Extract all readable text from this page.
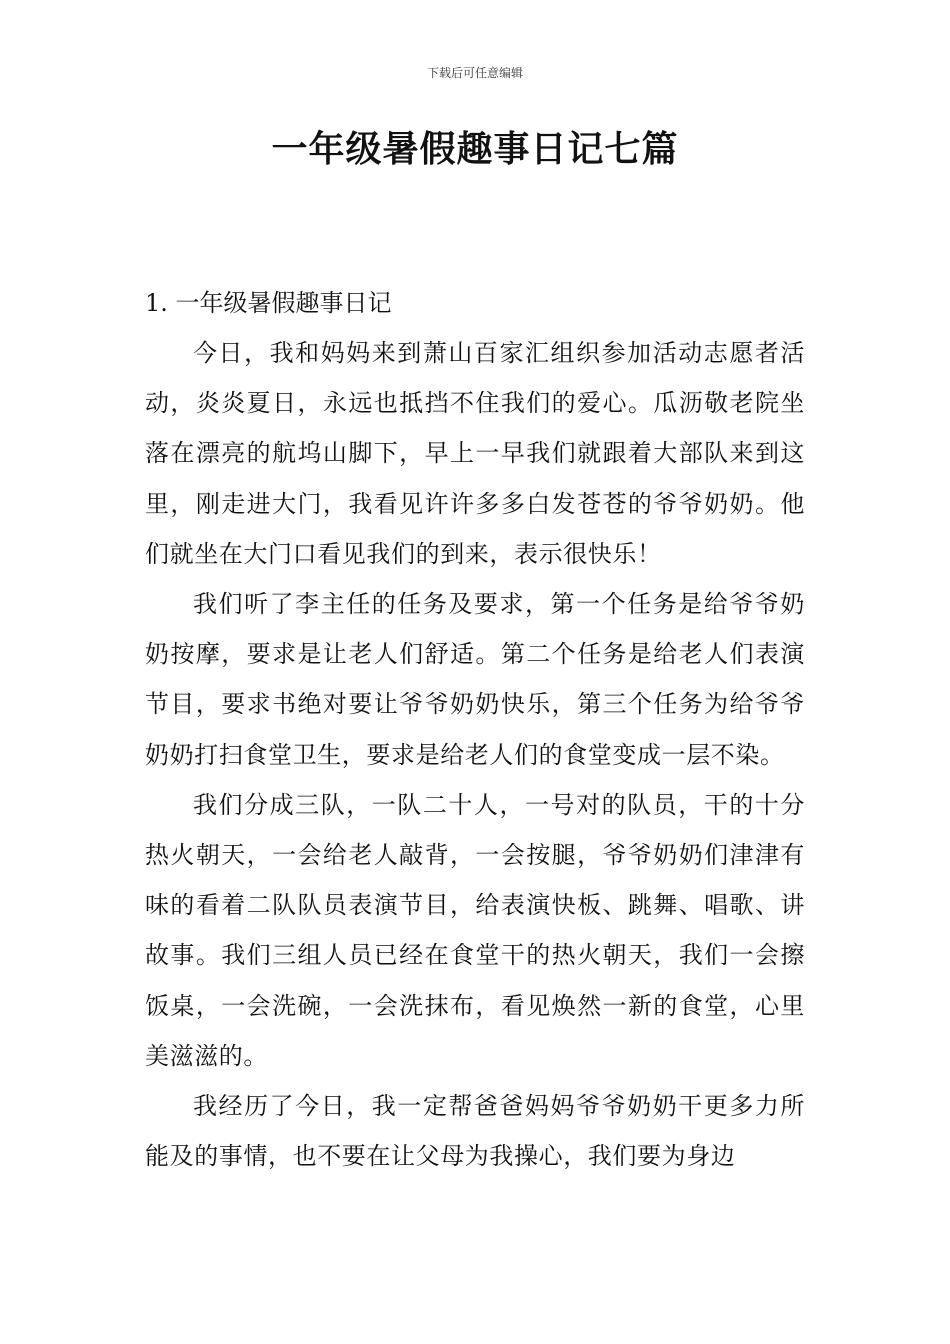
下载后可任意编辑
一年级暑假趣事日记七篇

1. 一年级暑假趣事日记

今日，我和妈妈来到萧山百家汇组织参加活动志愿者活动，炎炎夏日，永远也抵挡不住我们的爱心。瓜沥敬老院坐落在漂亮的航坞山脚下，早上一早我们就跟着大部队来到这里，刚走进大门，我看见许许多多白发苍苍的爷爷奶奶。他们就坐在大门口看见我们的到来，表示很快乐！

我们听了李主任的任务及要求，第一个任务是给爷爷奶奶按摩，要求是让老人们舒适。第二个任务是给老人们表演节目，要求书绝对要让爷爷奶奶快乐，第三个任务为给爷爷奶奶打扫食堂卫生，要求是给老人们的食堂变成一层不染。

我们分成三队，一队二十人，一号对的队员，干的十分热火朝天，一会给老人敲背，一会按腿，爷爷奶奶们津津有味的看着二队队员表演节目，给表演快板、跳舞、唱歌、讲故事。我们三组人员已经在食堂干的热火朝天，我们一会擦饭桌，一会洗碗，一会洗抹布，看见焕然一新的食堂，心里美滋滋的。

我经历了今日，我一定帮爸爸妈妈爷爷奶奶干更多力所能及的事情，也不要在让父母为我操心，我们要为身边
